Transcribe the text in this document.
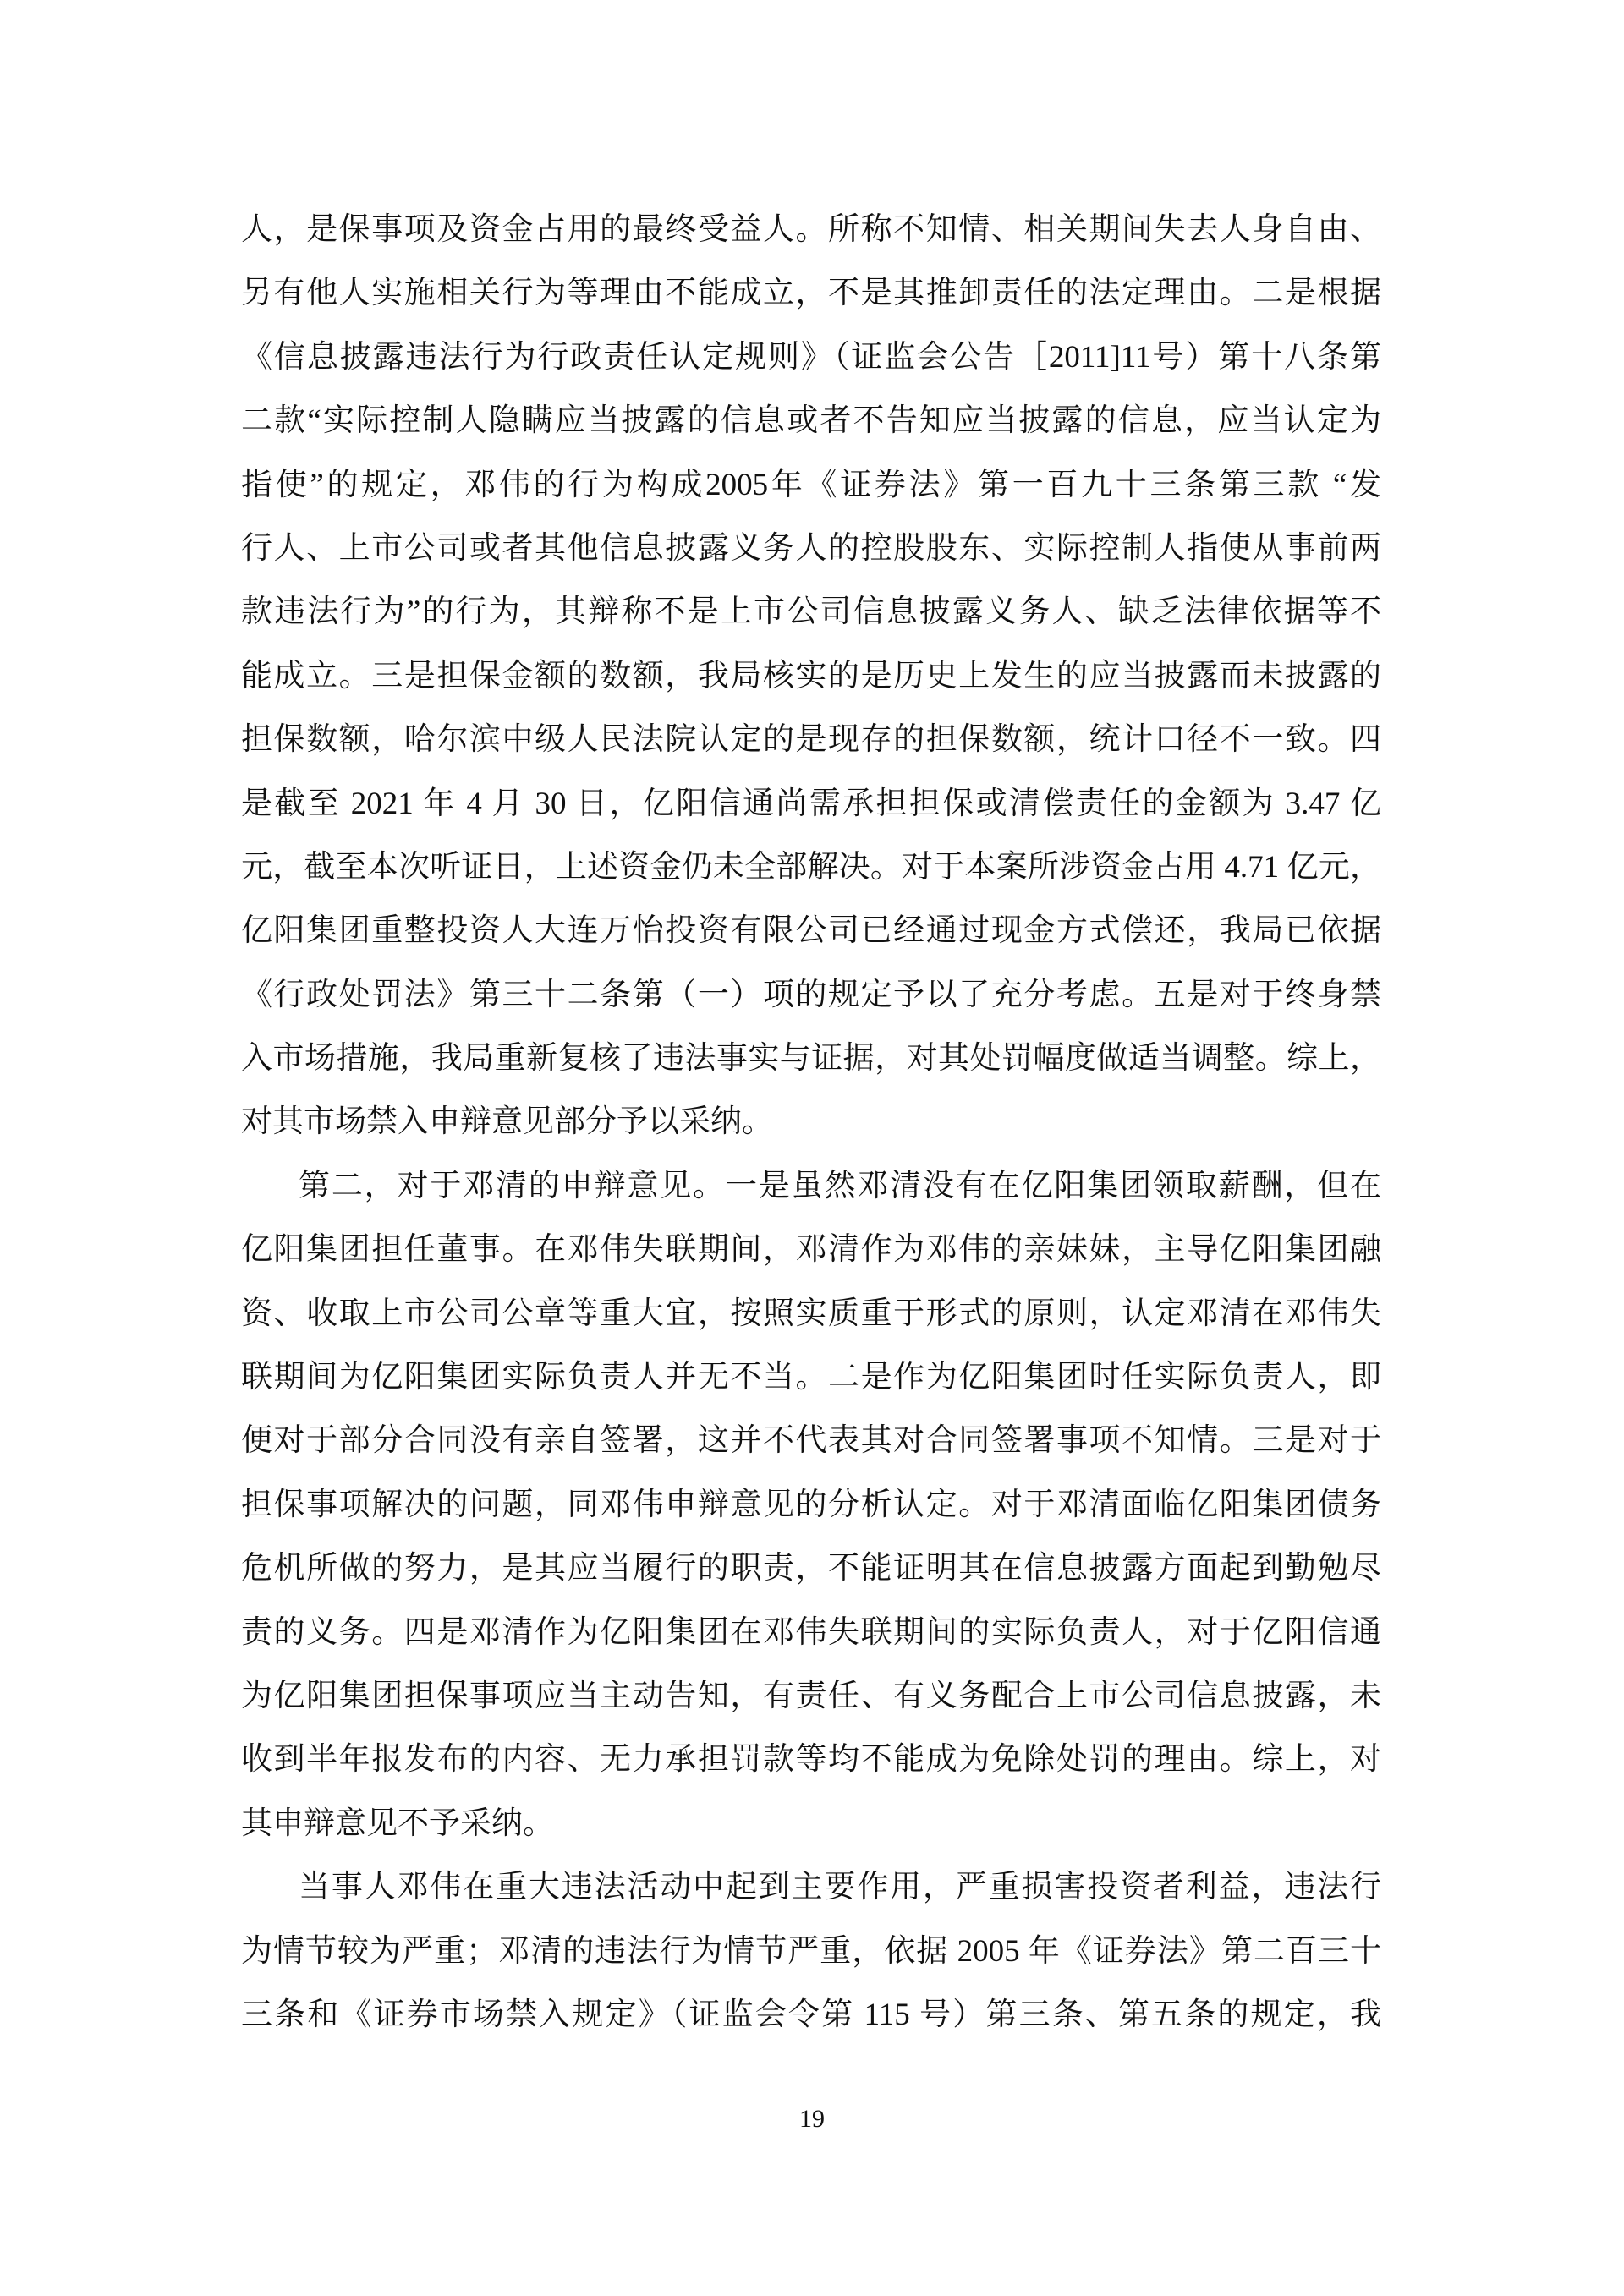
人，是保事项及资金占用的最终受益人。所称不知情、相关期间失去人身自由、
另有他人实施相关行为等理由不能成立，不是其推卸责任的法定理由。二是根据
《信息披露违法行为行政责任认定规则》（证监会公告［2011]11号）第十八条第
二款“实际控制人隐瞒应当披露的信息或者不告知应当披露的信息，应当认定为
指使”的规定，邓伟的行为构成2005年《证券法》第一百九十三条第三款 “发
行人、上市公司或者其他信息披露义务人的控股股东、实际控制人指使从事前两
款违法行为”的行为，其辩称不是上市公司信息披露义务人、缺乏法律依据等不
能成立。三是担保金额的数额，我局核实的是历史上发生的应当披露而未披露的
担保数额，哈尔滨中级人民法院认定的是现存的担保数额，统计口径不一致。四
是截至 2021 年 4 月 30 日，亿阳信通尚需承担担保或清偿责任的金额为 3.47 亿
元，截至本次听证日，上述资金仍未全部解决。对于本案所涉资金占用 4.71 亿元，
亿阳集团重整投资人大连万怡投资有限公司已经通过现金方式偿还，我局已依据
《行政处罚法》第三十二条第（一）项的规定予以了充分考虑。五是对于终身禁
入市场措施，我局重新复核了违法事实与证据，对其处罚幅度做适当调整。综上，
对其市场禁入申辩意见部分予以采纳。
第二，对于邓清的申辩意见。一是虽然邓清没有在亿阳集团领取薪酬，但在
亿阳集团担任董事。在邓伟失联期间，邓清作为邓伟的亲妹妹，主导亿阳集团融
资、收取上市公司公章等重大宜，按照实质重于形式的原则，认定邓清在邓伟失
联期间为亿阳集团实际负责人并无不当。二是作为亿阳集团时任实际负责人，即
便对于部分合同没有亲自签署，这并不代表其对合同签署事项不知情。三是对于
担保事项解决的问题，同邓伟申辩意见的分析认定。对于邓清面临亿阳集团债务
危机所做的努力，是其应当履行的职责，不能证明其在信息披露方面起到勤勉尽
责的义务。四是邓清作为亿阳集团在邓伟失联期间的实际负责人，对于亿阳信通
为亿阳集团担保事项应当主动告知，有责任、有义务配合上市公司信息披露，未
收到半年报发布的内容、无力承担罚款等均不能成为免除处罚的理由。综上，对
其申辩意见不予采纳。
当事人邓伟在重大违法活动中起到主要作用，严重损害投资者利益，违法行
为情节较为严重；邓清的违法行为情节严重，依据 2005 年《证券法》第二百三十
三条和《证券市场禁入规定》（证监会令第 115 号）第三条、第五条的规定，我
19
